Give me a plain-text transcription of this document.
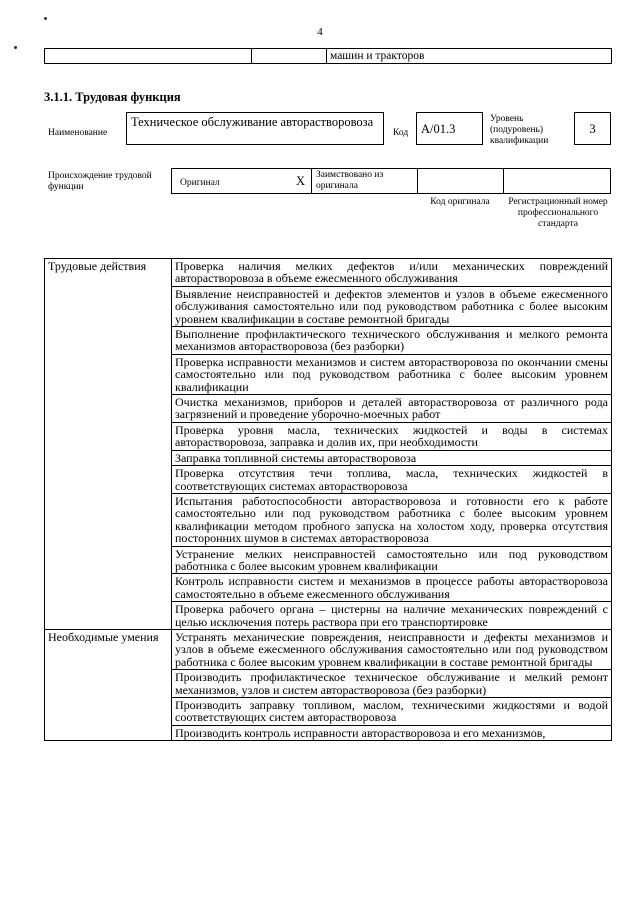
4
		машин и тракторов
3.1.1. Трудовая функция
Наименование
Техническое обслуживание авторастворовоза
Код	A/01.3
Уровень (подуровень) квалификации
3
Происхождение трудовой функции	Оригинал	X Заимствовано из оригинала
Код оригинала	Регистрационный номер профессионального стандарта
Трудовые действия	Проверка наличия мелких дефектов и/или механических повреждений авторастворовоза в объеме ежесменного обслуживания
	Выявление неисправностей и дефектов элементов и узлов в объеме ежесменного обслуживания самостоятельно или под руководством работника с более высоким уровнем квалификации в составе ремонтной бригады
	Выполнение профилактического технического обслуживания и мелкого ремонта механизмов авторастворовоза (без разборки)
	Проверка исправности механизмов и систем авторастворовоза по окончании смены самостоятельно или под руководством работника с более высоким уровнем квалификации
	Очистка механизмов, приборов и деталей авторастворовоза от различного рода загрязнений и проведение уборочно-моечных работ
	Проверка уровня масла, технических жидкостей и воды в системах авторастворовоза, заправка и долив их, при необходимости
	Заправка топливной системы авторастворовоза
	Проверка отсутствия течи топлива, масла, технических жидкостей в соответствующих системах авторастворовоза
	Испытания работоспособности авторастворовоза и готовности его к работе самостоятельно или под руководством работника с более высоким уровнем квалификации методом пробного запуска на холостом ходу, проверка отсутствия посторонних шумов в системах авторастворовоза
	Устранение мелких неисправностей самостоятельно или под руководством работника с более высоким уровнем квалификации
	Контроль исправности систем и механизмов в процессе работы авторастворовоза самостоятельно в объеме ежесменного обслуживания
	Проверка рабочего органа – цистерны на наличие механических повреждений с целью исключения потерь раствора при его транспортировке
Необходимые умения	Устранять механические повреждения, неисправности и дефекты механизмов и узлов в объеме ежесменного обслуживания самостоятельно или под руководством работника с более высоким уровнем квалификации в составе ремонтной бригады
	Производить профилактическое техническое обслуживание и мелкий ремонт механизмов, узлов и систем авторастворовоза (без разборки)
	Производить заправку топливом, маслом, техническими жидкостями и водой соответствующих систем авторастворовоза
	Производить контроль исправности авторастворовоза и его механизмов,
